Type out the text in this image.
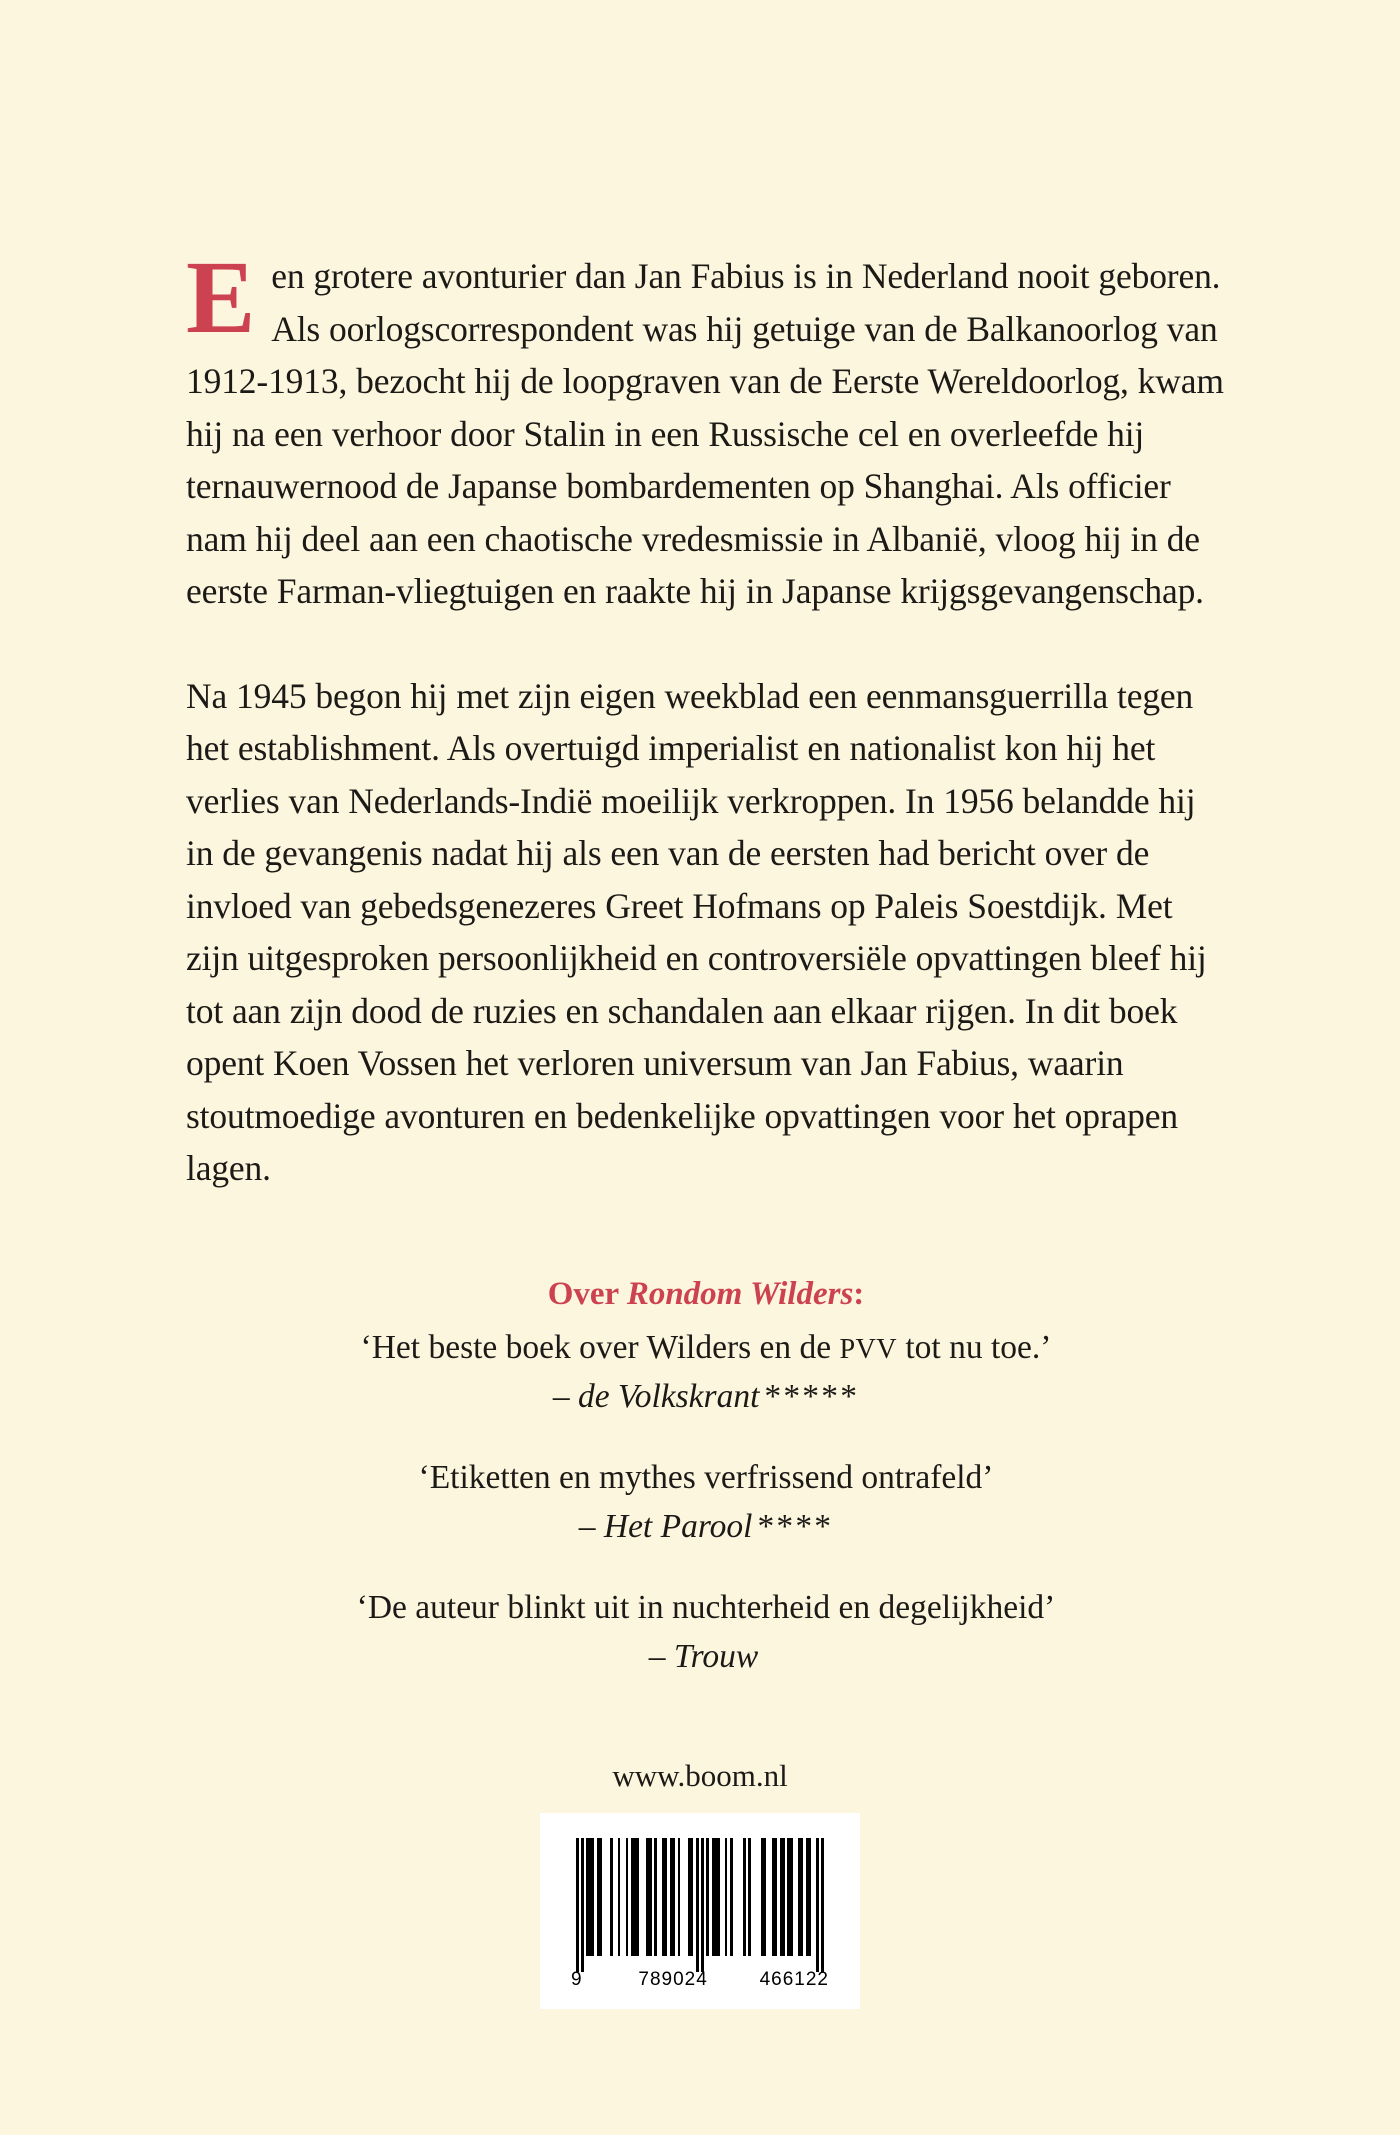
Een grotere avonturier dan Jan Fabius is in Nederland nooit geboren. Als oorlogscorrespondent was hij getuige van de Balkanoorlog van 1912-1913, bezocht hij de loopgraven van de Eerste Wereldoorlog, kwam hij na een verhoor door Stalin in een Russische cel en overleefde hij ternauwernood de Japanse bombardementen op Shanghai. Als officier nam hij deel aan een chaotische vredesmissie in Albanië, vloog hij in de eerste Farman-vliegtuigen en raakte hij in Japanse krijgsgevangenschap.

Na 1945 begon hij met zijn eigen weekblad een eenmansguerrilla tegen het establishment. Als overtuigd imperialist en nationalist kon hij het verlies van Nederlands-Indië moeilijk verkroppen. In 1956 belandde hij in de gevangenis nadat hij als een van de eersten had bericht over de invloed van gebedsgenezeres Greet Hofmans op Paleis Soestdijk. Met zijn uitgesproken persoonlijkheid en controversiële opvattingen bleef hij tot aan zijn dood de ruzies en schandalen aan elkaar rijgen. In dit boek opent Koen Vossen het verloren universum van Jan Fabius, waarin stoutmoedige avonturen en bedenkelijke opvattingen voor het oprapen lagen.

Over Rondom Wilders:

‘Het beste boek over Wilders en de PVV tot nu toe.’

– de Volkskrant *****

‘Etiketten en mythes verfrissend ontrafeld’

– Het Parool ****

‘De auteur blinkt uit in nuchterheid en degelijkheid’

– Trouw

www.boom.nl
9	789024	466122
